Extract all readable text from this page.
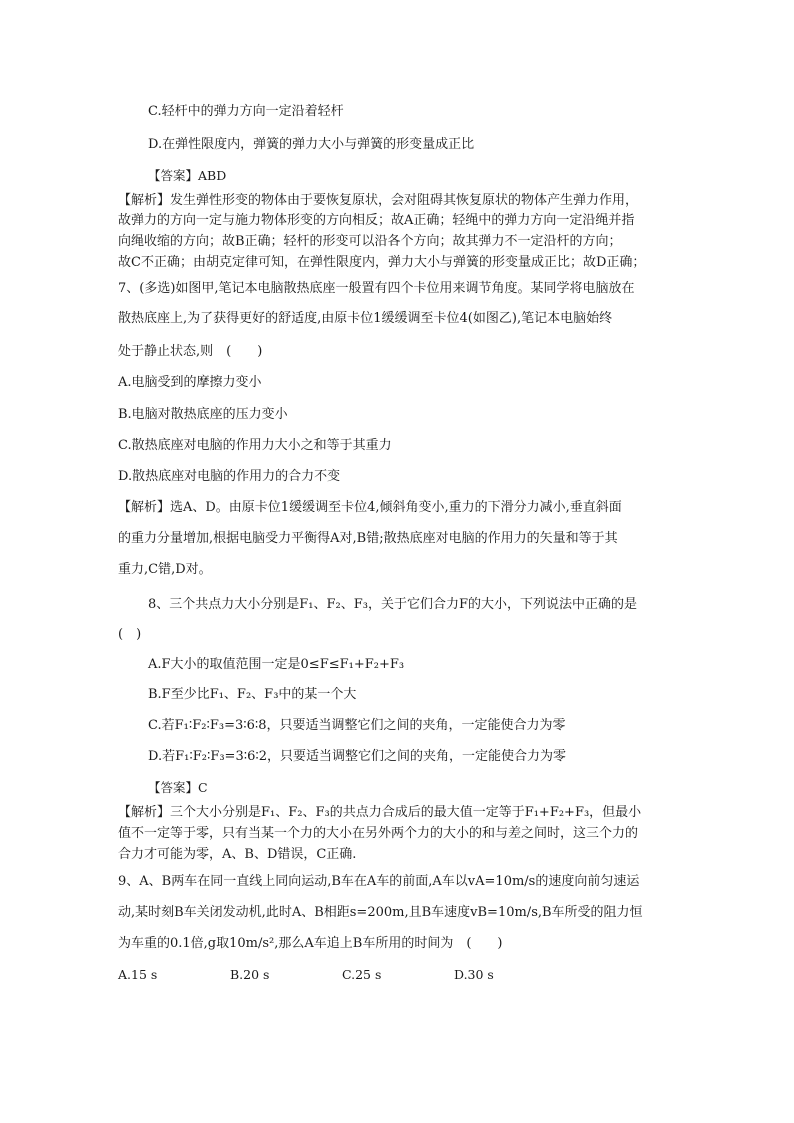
C.轻杆中的弹力方向一定沿着轻杆
D.在弹性限度内，弹簧的弹力大小与弹簧的形变量成正比
【答案】ABD
【解析】发生弹性形变的物体由于要恢复原状，会对阻碍其恢复原状的物体产生弹力作用，
故弹力的方向一定与施力物体形变的方向相反；故A正确；轻绳中的弹力方向一定沿绳并指
向绳收缩的方向；故B正确；轻杆的形变可以沿各个方向；故其弹力不一定沿杆的方向；
故C不正确；由胡克定律可知，在弹性限度内，弹力大小与弹簧的形变量成正比；故D正确；
7、(多选)如图甲,笔记本电脑散热底座一般置有四个卡位用来调节角度。某同学将电脑放在
散热底座上,为了获得更好的舒适度,由原卡位1缓缓调至卡位4(如图乙),笔记本电脑始终
处于静止状态,则　(　　)
A.电脑受到的摩擦力变小
B.电脑对散热底座的压力变小
C.散热底座对电脑的作用力大小之和等于其重力
D.散热底座对电脑的作用力的合力不变
【解析】选A、D。由原卡位1缓缓调至卡位4,倾斜角变小,重力的下滑分力减小,垂直斜面
的重力分量增加,根据电脑受力平衡得A对,B错;散热底座对电脑的作用力的矢量和等于其
重力,C错,D对。
8、三个共点力大小分别是F₁、F₂、F₃，关于它们合力F的大小，下列说法中正确的是
(　)
A.F大小的取值范围一定是0≤F≤F₁+F₂+F₃
B.F至少比F₁、F₂、F₃中的某一个大
C.若F₁∶F₂∶F₃=3∶6∶8，只要适当调整它们之间的夹角，一定能使合力为零
D.若F₁∶F₂∶F₃=3∶6∶2，只要适当调整它们之间的夹角，一定能使合力为零
【答案】C
【解析】三个大小分别是F₁、F₂、F₃的共点力合成后的最大值一定等于F₁+F₂+F₃，但最小
值不一定等于零，只有当某一个力的大小在另外两个力的大小的和与差之间时，这三个力的
合力才可能为零，A、B、D错误，C正确.
9、A、B两车在同一直线上同向运动,B车在A车的前面,A车以vA=10m/s的速度向前匀速运
动,某时刻B车关闭发动机,此时A、B相距s=200m,且B车速度vB=10m/s,B车所受的阻力恒
为车重的0.1倍,g取10m/s²,那么A车追上B车所用的时间为　(　　)
A.15 s	B.20 s	C.25 s	D.30 s
